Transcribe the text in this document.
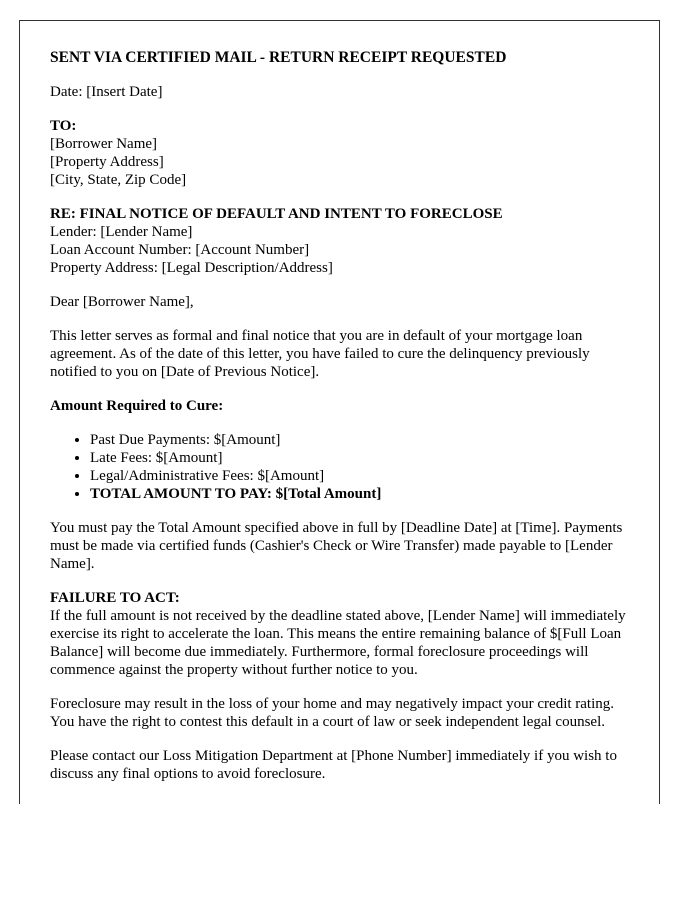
SENT VIA CERTIFIED MAIL - RETURN RECEIPT REQUESTED
Date: [Insert Date]
TO:
[Borrower Name]
[Property Address]
[City, State, Zip Code]
RE: FINAL NOTICE OF DEFAULT AND INTENT TO FORECLOSE
Lender: [Lender Name]
Loan Account Number: [Account Number]
Property Address: [Legal Description/Address]

Dear [Borrower Name],

This letter serves as formal and final notice that you are in default of your mortgage loan agreement. As of the date of this letter, you have failed to cure the delinquency previously notified to you on [Date of Previous Notice].

Amount Required to Cure:

• Past Due Payments: $[Amount]
• Late Fees: $[Amount]
• Legal/Administrative Fees: $[Amount]
• TOTAL AMOUNT TO PAY: $[Total Amount]

You must pay the Total Amount specified above in full by [Deadline Date] at [Time]. Payments must be made via certified funds (Cashier's Check or Wire Transfer) made payable to [Lender Name].

FAILURE TO ACT:

If the full amount is not received by the deadline stated above, [Lender Name] will immediately exercise its right to accelerate the loan. This means the entire remaining balance of $[Full Loan Balance] will become due immediately. Furthermore, formal foreclosure proceedings will commence against the property without further notice to you.

Foreclosure may result in the loss of your home and may negatively impact your credit rating. You have the right to contest this default in a court of law or seek independent legal counsel.

Please contact our Loss Mitigation Department at [Phone Number] immediately if you wish to discuss any final options to avoid foreclosure.
